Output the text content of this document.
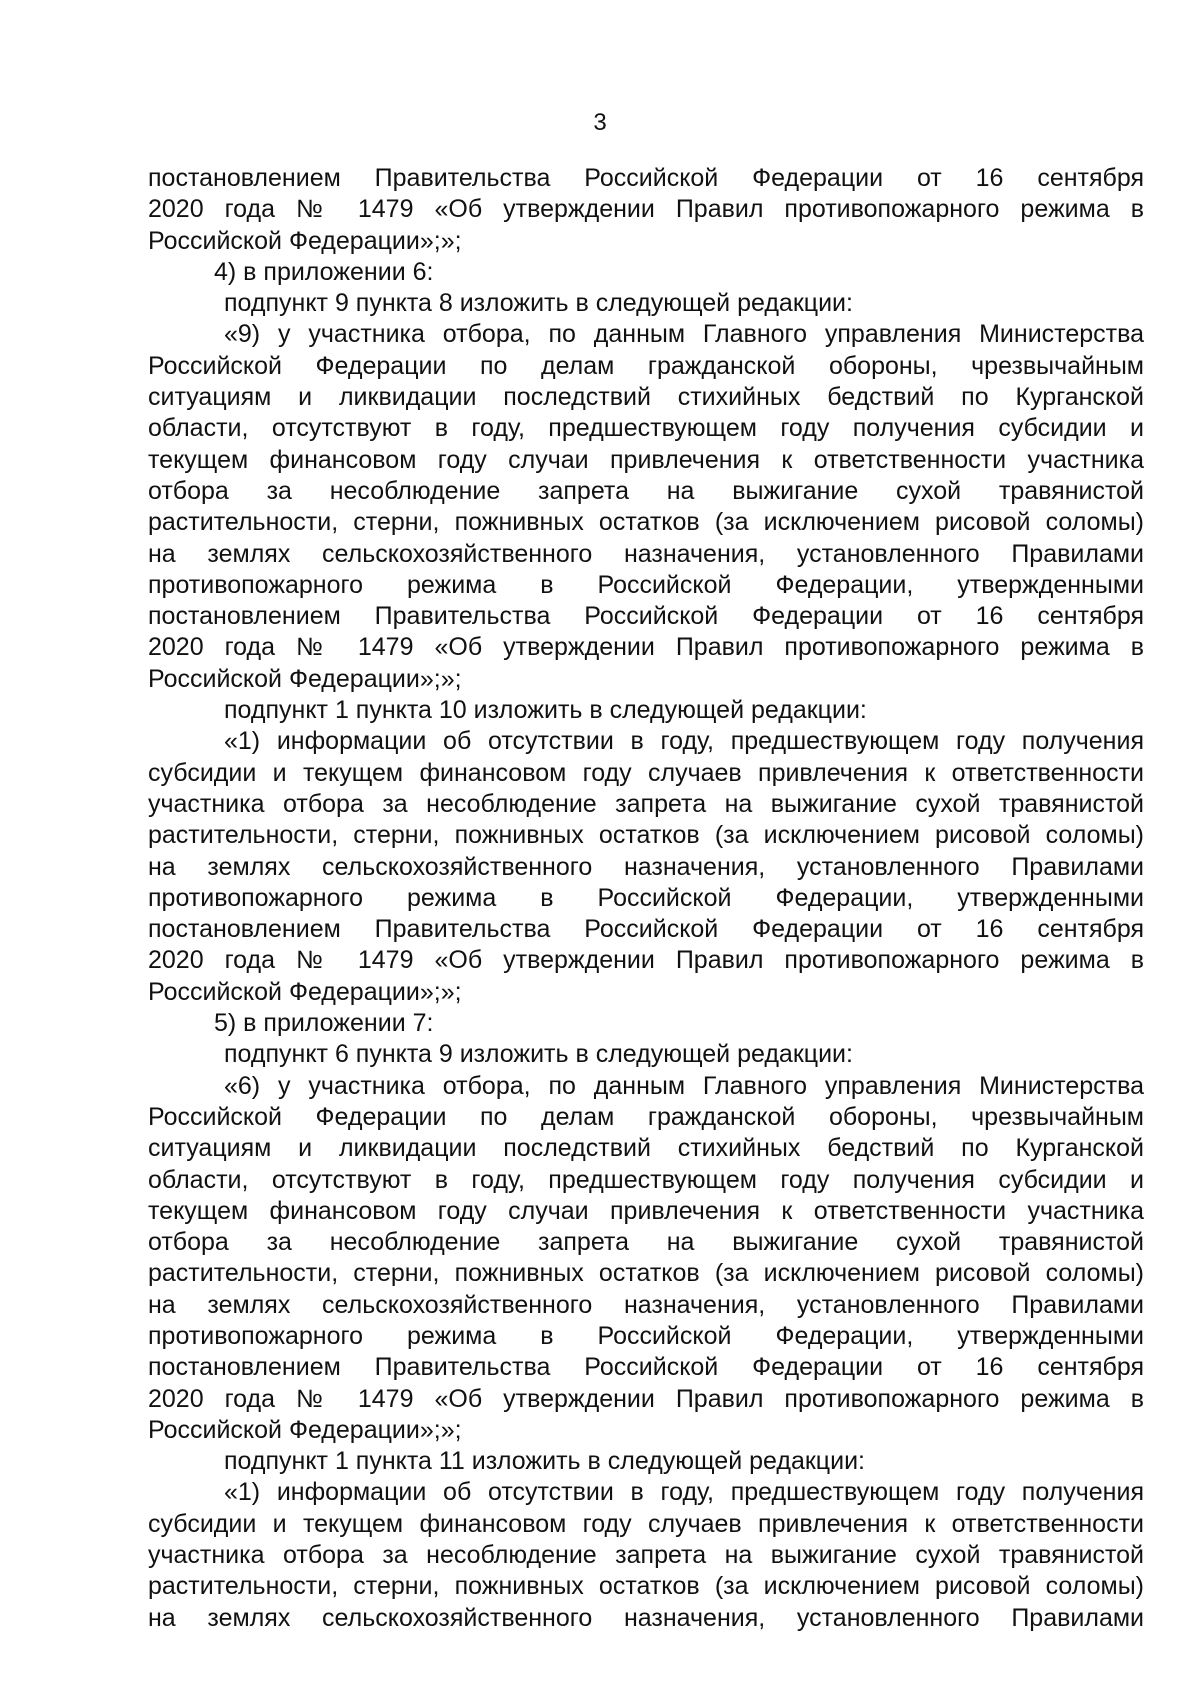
3
постановлением Правительства Российской Федерации от 16 сентября
2020 года № 1479 «Об утверждении Правил противопожарного режима в
Российской Федерации»;»;
4) в приложении 6:
подпункт 9 пункта 8 изложить в следующей редакции:
«9) у участника отбора, по данным Главного управления Министерства
Российской Федерации по делам гражданской обороны, чрезвычайным
ситуациям и ликвидации последствий стихийных бедствий по Курганской
области, отсутствуют в году, предшествующем году получения субсидии и
текущем финансовом году случаи привлечения к ответственности участника
отбора за несоблюдение запрета на выжигание сухой травянистой
растительности, стерни, пожнивных остатков (за исключением рисовой соломы)
на землях сельскохозяйственного назначения, установленного Правилами
противопожарного режима в Российской Федерации, утвержденными
постановлением Правительства Российской Федерации от 16 сентября
2020 года № 1479 «Об утверждении Правил противопожарного режима в
Российской Федерации»;»;
подпункт 1 пункта 10 изложить в следующей редакции:
«1) информации об отсутствии в году, предшествующем году получения
субсидии и текущем финансовом году случаев привлечения к ответственности
участника отбора за несоблюдение запрета на выжигание сухой травянистой
растительности, стерни, пожнивных остатков (за исключением рисовой соломы)
на землях сельскохозяйственного назначения, установленного Правилами
противопожарного режима в Российской Федерации, утвержденными
постановлением Правительства Российской Федерации от 16 сентября
2020 года № 1479 «Об утверждении Правил противопожарного режима в
Российской Федерации»;»;
5) в приложении 7:
подпункт 6 пункта 9 изложить в следующей редакции:
«6) у участника отбора, по данным Главного управления Министерства
Российской Федерации по делам гражданской обороны, чрезвычайным
ситуациям и ликвидации последствий стихийных бедствий по Курганской
области, отсутствуют в году, предшествующем году получения субсидии и
текущем финансовом году случаи привлечения к ответственности участника
отбора за несоблюдение запрета на выжигание сухой травянистой
растительности, стерни, пожнивных остатков (за исключением рисовой соломы)
на землях сельскохозяйственного назначения, установленного Правилами
противопожарного режима в Российской Федерации, утвержденными
постановлением Правительства Российской Федерации от 16 сентября
2020 года № 1479 «Об утверждении Правил противопожарного режима в
Российской Федерации»;»;
подпункт 1 пункта 11 изложить в следующей редакции:
«1) информации об отсутствии в году, предшествующем году получения
субсидии и текущем финансовом году случаев привлечения к ответственности
участника отбора за несоблюдение запрета на выжигание сухой травянистой
растительности, стерни, пожнивных остатков (за исключением рисовой соломы)
на землях сельскохозяйственного назначения, установленного Правилами
